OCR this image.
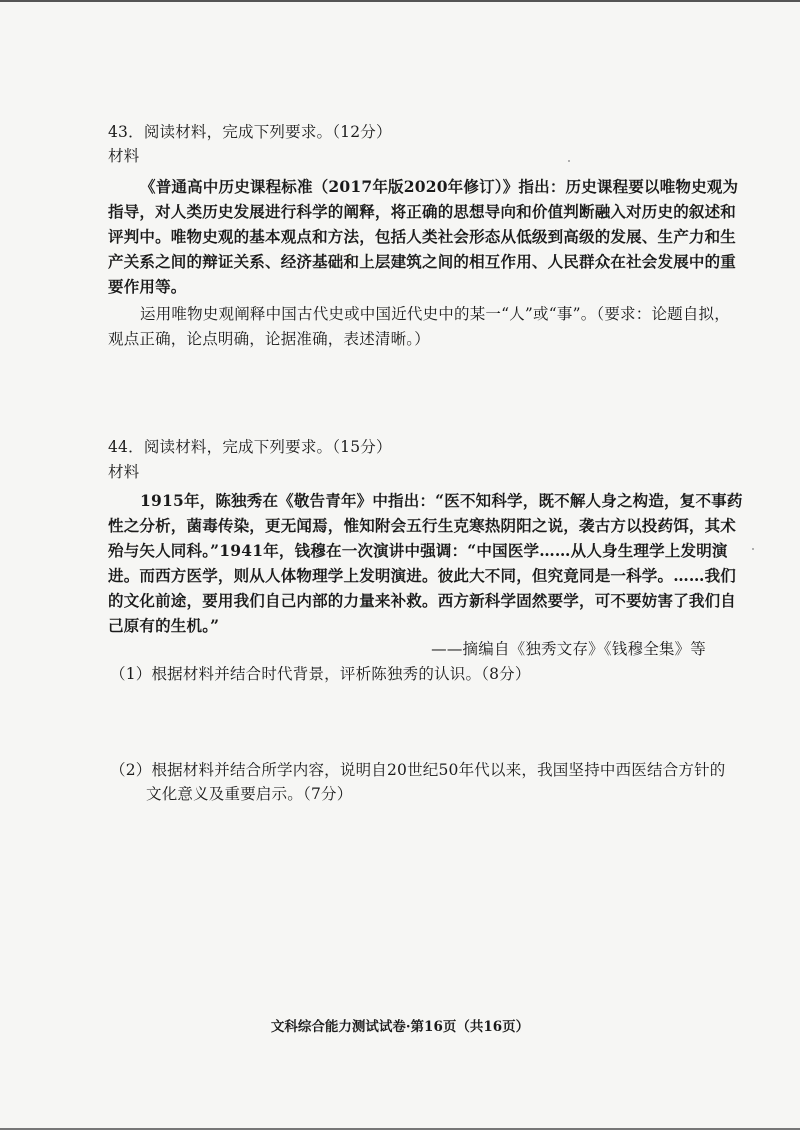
43．阅读材料，完成下列要求。（12分）
材料
《普通高中历史课程标准（2017年版2020年修订）》指出：历史课程要以唯物史观为
指导，对人类历史发展进行科学的阐释，将正确的思想导向和价值判断融入对历史的叙述和
评判中。唯物史观的基本观点和方法，包括人类社会形态从低级到高级的发展、生产力和生
产关系之间的辩证关系、经济基础和上层建筑之间的相互作用、人民群众在社会发展中的重
要作用等。
运用唯物史观阐释中国古代史或中国近代史中的某一“人”或“事”。（要求：论题自拟，
观点正确，论点明确，论据准确，表述清晰。）
44．阅读材料，完成下列要求。（15分）
材料
1915年，陈独秀在《敬告青年》中指出：“医不知科学，既不解人身之构造，复不事药
性之分析，菌毒传染，更无闻焉，惟知附会五行生克寒热阴阳之说，袭古方以投药饵，其术
殆与矢人同科。”1941年，钱穆在一次演讲中强调：“中国医学……从人身生理学上发明演
进。而西方医学，则从人体物理学上发明演进。彼此大不同，但究竟同是一科学。……我们
的文化前途，要用我们自己内部的力量来补救。西方新科学固然要学，可不要妨害了我们自
己原有的生机。”
——摘编自《独秀文存》《钱穆全集》等
（1）根据材料并结合时代背景，评析陈独秀的认识。（8分）
（2）根据材料并结合所学内容，说明自20世纪50年代以来，我国坚持中西医结合方针的
文化意义及重要启示。（7分）
文科综合能力测试试卷·第16页（共16页）
